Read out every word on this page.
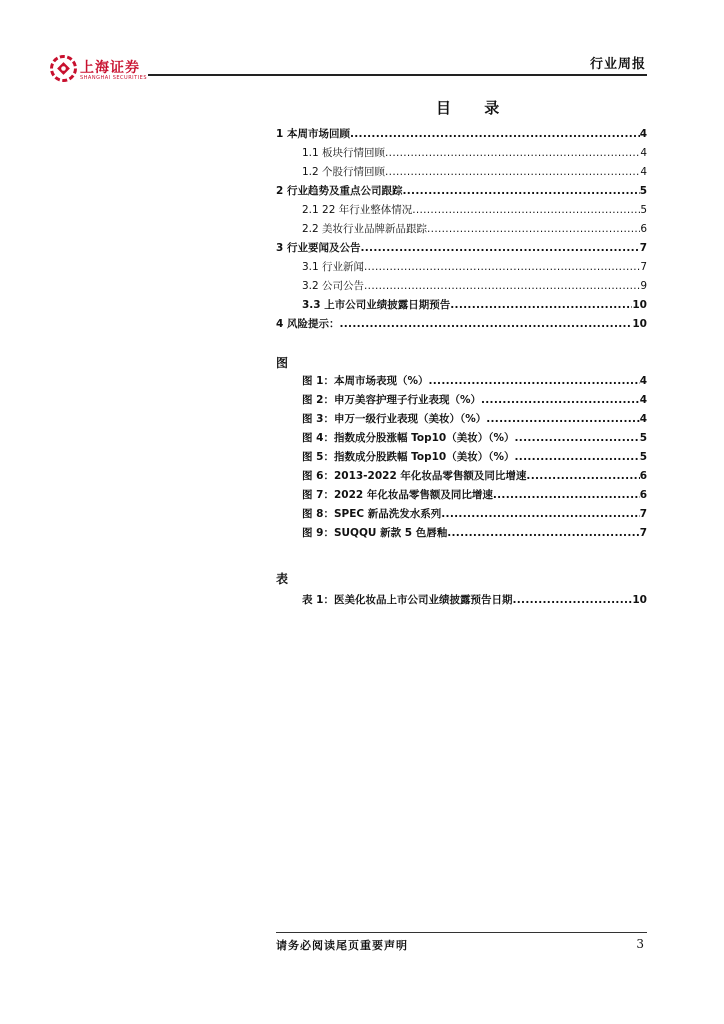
上海证券
SHANGHAI SECURITIES
行业周报
目 录
1 本周市场回顾 .....	4
1.1 板块行情回顾 .....	4
1.2 个股行情回顾 .....	4
2 行业趋势及重点公司跟踪 .....	5
2.1 22 年行业整体情况 .....	5
2.2 美妆行业品牌新品跟踪 .....	6
3 行业要闻及公告 .....	7
3.1 行业新闻 .....	7
3.2 公司公告 .....	9
3.3 上市公司业绩披露日期预告 .....	10
4 风险提示： .....	10
图
图 1：本周市场表现（%） .....	4
图 2：申万美容护理子行业表现（%） .....	4
图 3：申万一级行业表现（美妆）（%） .....	4
图 4：指数成分股涨幅 Top10（美妆）（%） .....	5
图 5：指数成分股跌幅 Top10（美妆）（%） .....	5
图 6：2013-2022 年化妆品零售额及同比增速 .....	6
图 7：2022 年化妆品零售额及同比增速 .....	6
图 8：SPEC 新品洗发水系列 .....	7
图 9：SUQQU 新款 5 色唇釉 .....	7
表
表 1：医美化妆品上市公司业绩披露预告日期 .....	10
请务必阅读尾页重要声明	3
